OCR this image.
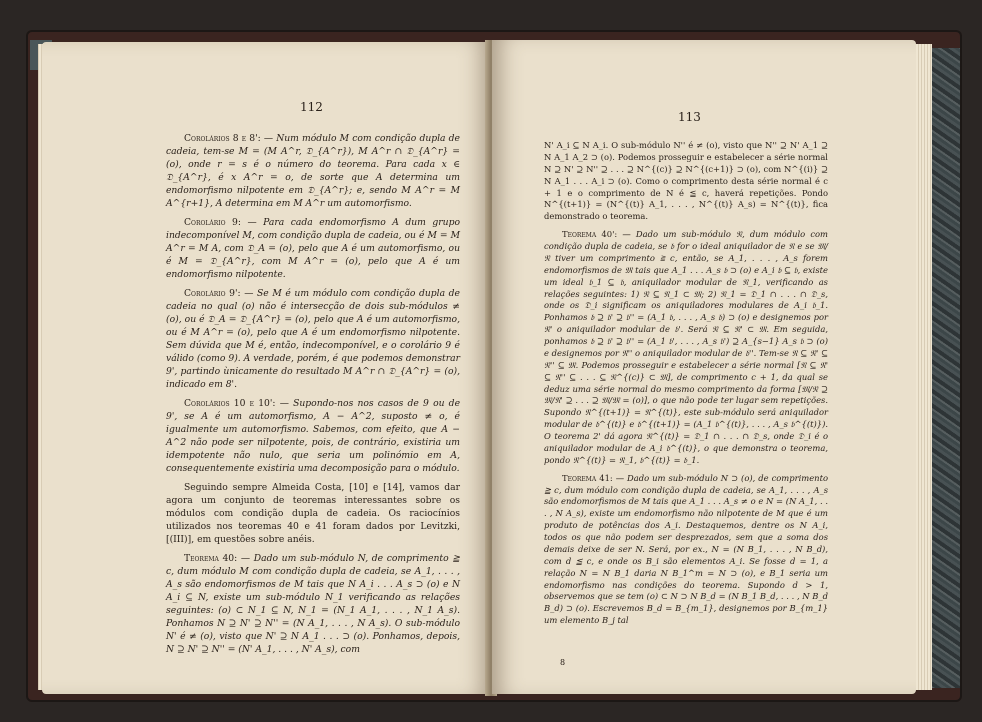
112

Corolários 8 e 8': — Num módulo M com condição dupla de cadeia, tem-se M = (M A^r, 𝔇_{A^r}), M A^r ∩ 𝔇_{A^r} = (o), onde r = s é o número do teorema. Para cada x ∈ 𝔇_{A^r}, é x A^r = o, de sorte que A determina um endomorfismo nilpotente em 𝔇_{A^r}; e, sendo M A^r = M A^{r+1}, A determina em M A^r um automorfismo.

Corolário 9: — Para cada endomorfismo A dum grupo indecomponível M, com condição dupla de cadeia, ou é M = M A^r = M A, com 𝔇_A = (o), pelo que A é um automorfismo, ou é M = 𝔇_{A^r}, com M A^r = (o), pelo que A é um endomorfismo nilpotente.

Corolário 9': — Se M é um módulo com condição dupla de cadeia no qual (o) não é intersecção de dois sub-módulos ≠ (o), ou é 𝔇_A = 𝔇_{A^r} = (o), pelo que A é um automorfismo, ou é M A^r = (o), pelo que A é um endomorfismo nilpotente. Sem dúvida que M é, então, indecomponível, e o corolário 9 é válido (como 9). A verdade, porém, é que podemos demonstrar 9', partindo ùnicamente do resultado M A^r ∩ 𝔇_{A^r} = (o), indicado em 8'.

Corolários 10 e 10': — Supondo-nos nos casos de 9 ou de 9', se A é um automorfismo, A − A^2, suposto ≠ o, é igualmente um automorfismo. Sabemos, com efeito, que A − A^2 não pode ser nilpotente, pois, de contrário, existiria um idempotente não nulo, que seria um polinómio em A, consequentemente existiria uma decomposição para o módulo.

Seguindo sempre Almeida Costa, [10] e [14], vamos dar agora um conjunto de teoremas interessantes sobre os módulos com condição dupla de cadeia. Os raciocínios utilizados nos teoremas 40 e 41 foram dados por Levitzki, [(III)], em questões sobre anéis.

Teorema 40: — Dado um sub-módulo N, de comprimento ≧ c, dum módulo M com condição dupla de cadeia, se A_1, . . . , A_s são endomorfismos de M tais que N A_i . . . A_s ⊃ (o) e N A_i ⊆ N, existe um sub-módulo N_1 verificando as relações seguintes: (o) ⊂ N_1 ⊆ N, N_1 = (N_1 A_1, . . . , N_1 A_s). Ponhamos N ⊇ N' ⊇ N'' = (N A_1, . . . , N A_s). O sub-módulo N' é ≠ (o), visto que N' ⊇ N A_1 . . . ⊃ (o). Ponhamos, depois, N ⊇ N' ⊇ N'' = (N' A_1, . . . , N' A_s), com

113

N' A_i ⊆ N A_i. O sub-módulo N'' é ≠ (o), visto que N'' ⊇ N' A_1 ⊇ N A_1 A_2 ⊃ (o). Podemos prosseguir e estabelecer a série normal N ⊇ N' ⊇ N'' ⊇ . . . ⊇ N^{(c)} ⊇ N^{(c+1)} ⊃ (o), com N^{(i)} ⊇ N A_1 . . . A_i ⊃ (o). Como o comprimento desta série normal é c + 1 e o comprimento de N é ≦ c, haverá repetições. Pondo N^{(t+1)} = (N^{(t)} A_1, . . . , N^{(t)} A_s) = N^{(t)}, fica demonstrado o teorema.

Teorema 40': — Dado um sub-módulo 𝔑, dum módulo com condição dupla de cadeia, se 𝔟 for o ideal aniquilador de 𝔑 e se 𝔐/𝔑 tiver um comprimento ≧ c, então, se A_1, . . . , A_s forem endomorfismos de 𝔐 tais que A_1 . . . A_s 𝔟 ⊃ (o) e A_i 𝔟 ⊆ 𝔟, existe um ideal 𝔟_1 ⊆ 𝔟, aniquilador modular de 𝔑_1, verificando as relações seguintes: 1) 𝔑 ⊆ 𝔑_1 ⊂ 𝔐; 2) 𝔑_1 = 𝔇_1 ∩ . . . ∩ 𝔇_s, onde os 𝔇_i significam os aniquiladores modulares de A_i 𝔟_1. Ponhamos 𝔟 ⊇ 𝔟' ⊇ 𝔟'' = (A_1 𝔟, . . . , A_s 𝔟) ⊃ (o) e designemos por 𝔑' o aniquilador modular de 𝔟'. Será 𝔑 ⊆ 𝔑' ⊂ 𝔐. Em seguida, ponhamos 𝔟 ⊇ 𝔟' ⊇ 𝔟'' = (A_1 𝔟', . . . , A_s 𝔟') ⊇ A_{s−1} A_s 𝔟 ⊃ (o) e designemos por 𝔑'' o aniquilador modular de 𝔟''. Tem-se 𝔑 ⊆ 𝔑' ⊆ 𝔑'' ⊆ 𝔐. Podemos prosseguir e estabelecer a série normal [𝔑 ⊆ 𝔑' ⊆ 𝔑'' ⊆ . . . ⊆ 𝔑^{(c)} ⊂ 𝔐], de comprimento c + 1, da qual se deduz uma série normal do mesmo comprimento da forma [𝔐/𝔑 ⊇ 𝔐/𝔑' ⊇ . . . ⊇ 𝔐/𝔐 = (o)], o que não pode ter lugar sem repetições. Supondo 𝔑^{(t+1)} = 𝔑^{(t)}, este sub-módulo será aniquilador modular de 𝔟^{(t)} e 𝔟^{(t+1)} = (A_1 𝔟^{(t)}, . . . , A_s 𝔟^{(t)}). O teorema 2' dá agora 𝔑^{(t)} = 𝔇_1 ∩ . . . ∩ 𝔇_s, onde 𝔇_i é o aniquilador modular de A_i 𝔟^{(t)}, o que demonstra o teorema, pondo 𝔑^{(t)} = 𝔑_1, 𝔟^{(t)} = 𝔟_1.

Teorema 41: — Dado um sub-módulo N ⊃ (o), de comprimento ≧ c, dum módulo com condição dupla de cadeia, se A_1, . . . , A_s são endomorfismos de M tais que A_1 . . . A_s ≠ o e N = (N A_1, . . . , N A_s), existe um endomorfismo não nilpotente de M que é um produto de potências dos A_i. Destaquemos, dentre os N A_i, todos os que não podem ser desprezados, sem que a soma dos demais deixe de ser N. Será, por ex., N = (N B_1, . . . , N B_d), com d ≦ c, e onde os B_i são elementos A_i. Se fosse d = 1, a relação N = N B_1 daria N B_1^m = N ⊃ (o), e B_1 seria um endomorfismo nas condições do teorema. Supondo d > 1, observemos que se tem (o) ⊂ N ⊃ N B_d = (N B_1 B_d, . . . , N B_d B_d) ⊃ (o). Escrevemos B_d = B_{m_1}, designemos por B_{m_1} um elemento B_j tal

8
